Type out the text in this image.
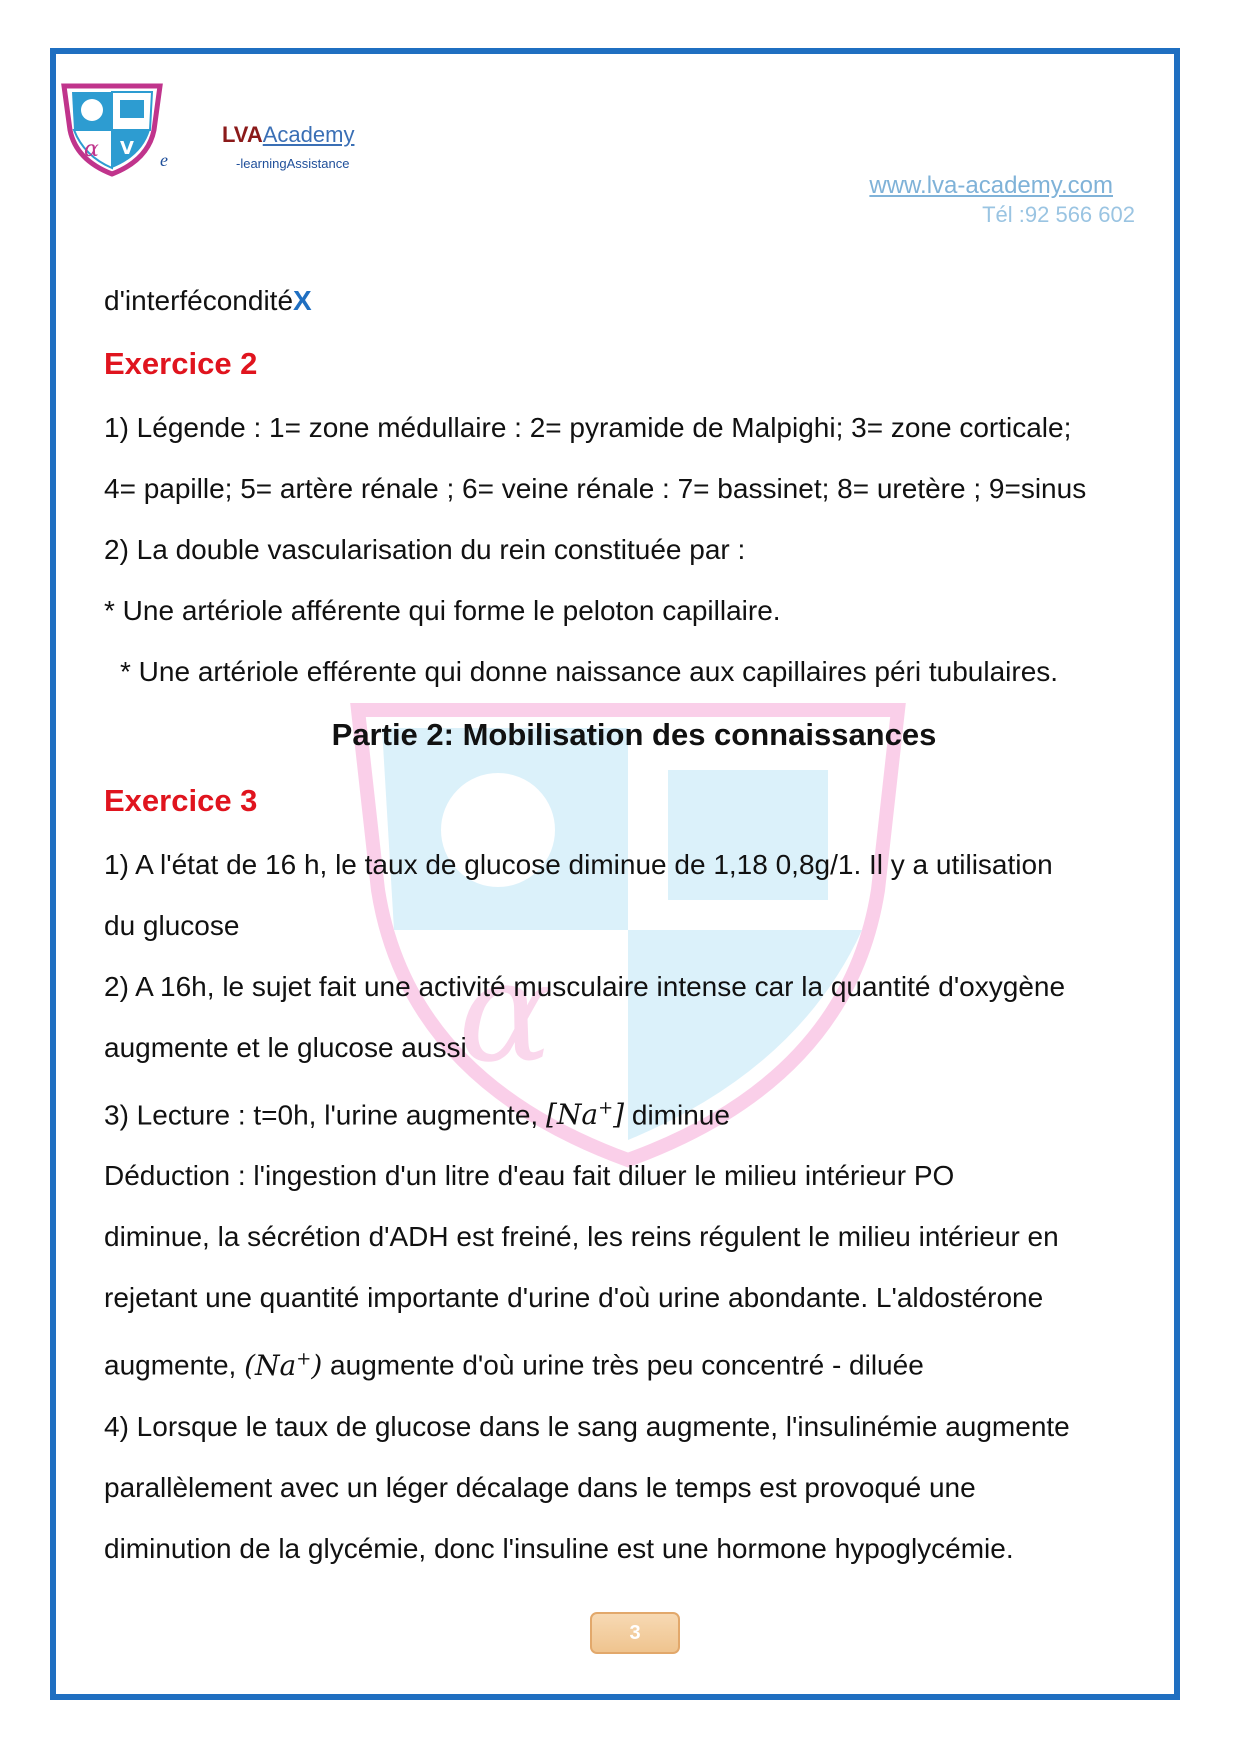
α V
e
LVAAcademy
-learningAssistance
www.lva-academy.com
Tél :92 566 602
α

d'interféconditéX

Exercice 2

1) Légende : 1= zone médullaire : 2= pyramide de Malpighi; 3= zone corticale;

4= papille; 5= artère rénale ; 6= veine rénale : 7= bassinet; 8= uretère ; 9=sinus

2) La double vascularisation du rein constituée par :

* Une artériole afférente qui forme le peloton capillaire.

* Une artériole efférente qui donne naissance aux capillaires péri tubulaires.

Partie 2: Mobilisation des connaissances

Exercice 3

1) A l'état de 16 h, le taux de glucose diminue de 1,18 0,8g/1. Il y a utilisation

du glucose

2) A 16h, le sujet fait une activité musculaire intense car la quantité d'oxygène

augmente et le glucose aussi

3) Lecture : t=0h, l'urine augmente, [Na+] diminue

Déduction : l'ingestion d'un litre d'eau fait diluer le milieu intérieur PO

diminue, la sécrétion d'ADH est freiné, les reins régulent le milieu intérieur en

rejetant une quantité importante d'urine d'où urine abondante. L'aldostérone

augmente, (Na+) augmente d'où urine très peu concentré - diluée

4) Lorsque le taux de glucose dans le sang augmente, l'insulinémie augmente

parallèlement avec un léger décalage dans le temps est provoqué une

diminution de la glycémie, donc l'insuline est une hormone hypoglycémie.

3
